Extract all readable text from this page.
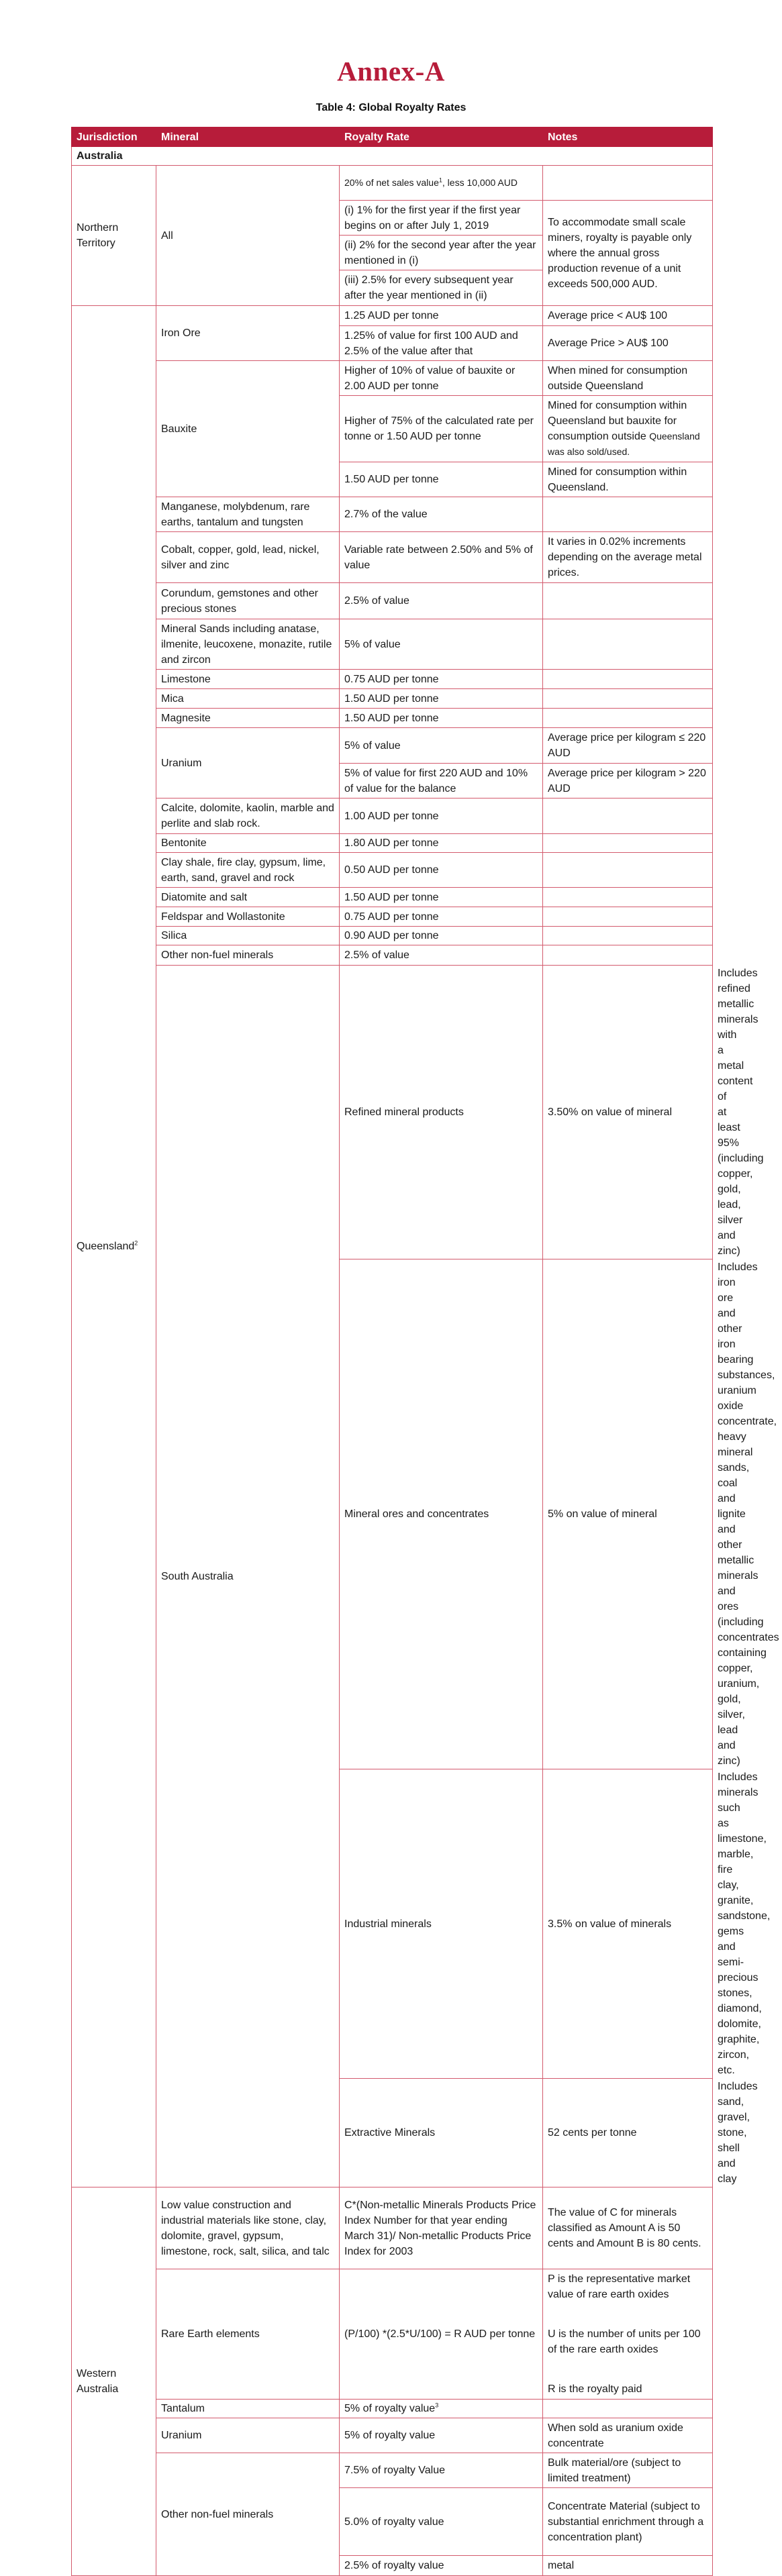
Annex-A
Table 4: Global Royalty Rates
Jurisdiction	Mineral	Royalty Rate	Notes	
Australia				
Northern Territory	All	20% of net sales value$^1$, less 10,000 AUD		
		(i) 1% for the first year if the first year begins on or after July 1, 2019	To accommodate small scale miners, royalty is payable only where the annual gross production revenue of a unit exceeds 500,000 AUD.	
		(ii) 2% for the second year after the year mentioned in (i)		
		(iii) 2.5% for every subsequent year after the year mentioned in (ii)		
Queensland$^2$	Iron Ore	1.25 AUD per tonne	Average price < AU$ 100	
		1.25% of value for first 100 AUD and 2.5% of the value after that	Average Price > AU$ 100	
	Bauxite	Higher of 10% of value of bauxite or 2.00 AUD per tonne	When mined for consumption outside Queensland	
		Higher of 75% of the calculated rate per tonne or 1.50 AUD per tonne	Mined for consumption within Queensland but bauxite for consumption outside Queensland was also sold/used.	
		1.50 AUD per tonne	Mined for consumption within Queensland.	
	Manganese, molybdenum, rare earths, tantalum and tungsten	2.7% of the value		
	Cobalt, copper, gold, lead, nickel, silver and zinc	Variable rate between 2.50% and 5% of value	It varies in 0.02% increments depending on the average metal prices.	
	Corundum, gemstones and other precious stones	2.5% of value		
	Mineral Sands including anatase, ilmenite, leucoxene, monazite, rutile and zircon	5% of value		
	Limestone	0.75 AUD per tonne		
	Mica	1.50 AUD per tonne		
	Magnesite	1.50 AUD per tonne		
	Uranium	5% of value	Average price per kilogram ≤ 220 AUD	
		5% of value for first 220 AUD and 10% of value for the balance	Average price per kilogram > 220 AUD	
	Calcite, dolomite, kaolin, marble and perlite and slab rock.	1.00 AUD per tonne		
	Bentonite	1.80 AUD per tonne		
	Clay shale, fire clay, gypsum, lime, earth, sand, gravel and rock	0.50 AUD per tonne		
	Diatomite and salt	1.50 AUD per tonne		
	Feldspar and Wollastonite	0.75 AUD per tonne		
	Silica	0.90 AUD per tonne		
	Other non-fuel minerals	2.5% of value		
	South Australia	Refined mineral products	3.50% on value of mineral	Includes refined metallic minerals with a metal content of at least 95% (including copper, gold, lead, silver and zinc)
		Mineral ores and concentrates	5% on value of mineral	Includes iron ore and other iron bearing substances, uranium oxide concentrate, heavy mineral sands, coal and lignite and other metallic minerals and ores (including concentrates containing copper, uranium, gold, silver, lead and zinc)
		Industrial minerals	3.5% on value of minerals	Includes minerals such as limestone, marble, fire clay, granite, sandstone, gems and semi-precious stones, diamond, dolomite, graphite, zircon, etc.
		Extractive Minerals	52 cents per tonne	Includes sand, gravel, stone, shell and clay
Western Australia	Low value construction and industrial materials like stone, clay, dolomite, gravel, gypsum, limestone, rock, salt, silica, and talc	C*(Non-metallic Minerals Products Price Index Number for that year ending March 31)/ Non-metallic Products Price Index for 2003	The value of C for minerals classified as Amount A is 50 cents and Amount B is 80 cents.	
	Rare Earth elements	(P/100) *(2.5*U/100) = R AUD per tonne	P is the representative market value of rare earth oxides
U is the number of units per 100 of the rare earth oxides
R is the royalty paid	

	Tantalum	5% of royalty value$^3$	
	Uranium	5% of royalty value	When sold as uranium oxide concentrate	
	Other non-fuel minerals	7.5% of royalty Value	Bulk material/ore (subject to limited treatment)	
		5.0% of royalty value	Concentrate Material (subject to substantial enrichment through a concentration plant)	
		2.5% of royalty value	metal	
